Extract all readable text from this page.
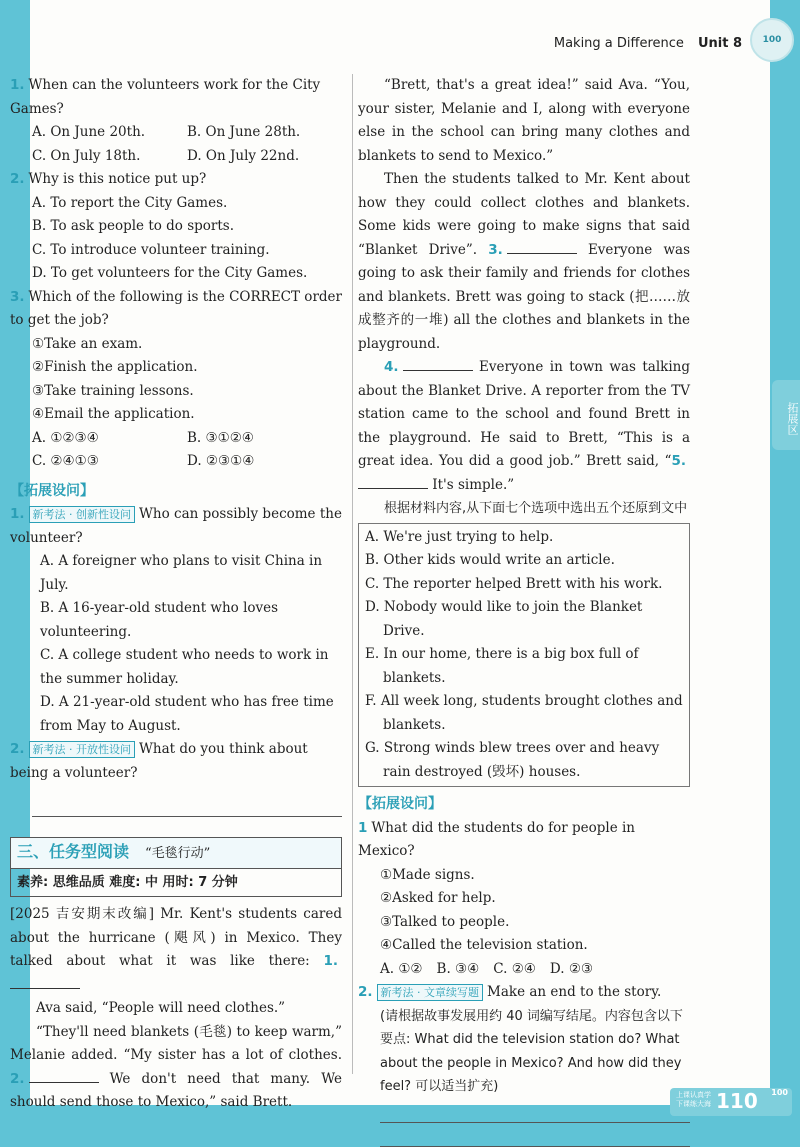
Making a Difference Unit 8	100
拓展区

1. When can the volunteers work for the City Games?

A. On June 20th.	B. On June 28th.
C. On July 18th.	D. On July 22nd.

2. Why is this notice put up?

A. To report the City Games.
B. To ask people to do sports.
C. To introduce volunteer training.
D. To get volunteers for the City Games.

3. Which of the following is the CORRECT order to get the job?

①Take an exam.
②Finish the application.
③Take training lessons.
④Email the application.
A. ①②③④	B. ③①②④
C. ②④①③	D. ②③①④
【拓展设问】

1. 新考法 · 创新性设问 Who can possibly become the volunteer?

A. A foreigner who plans to visit China in July.
B. A 16-year-old student who loves volunteering.
C. A college student who needs to work in the summer holiday.
D. A 21-year-old student who has free time from May to August.

2. 新考法 · 开放性设问 What do you think about being a volunteer?

三、任务型阅读 “毛毯行动”
素养: 思维品质 难度: 中 用时: 7 分钟

[2025 吉安期末改编] Mr. Kent's students cared about the hurricane (飓风) in Mexico. They talked about what it was like there: 1.

Ava said, “People will need clothes.”

“They'll need blankets (毛毯) to keep warm,” Melanie added. “My sister has a lot of clothes. 2.	We don't need that many. We should send those to Mexico,” said Brett.

“Brett, that's a great idea!” said Ava. “You, your sister, Melanie and I, along with everyone else in the school can bring many clothes and blankets to send to Mexico.”

Then the students talked to Mr. Kent about how they could collect clothes and blankets. Some kids were going to make signs that said “Blanket Drive”. 3.	Everyone was going to ask their family and friends for clothes and blankets. Brett was going to stack (把……放成整齐的一堆) all the clothes and blankets in the playground.

4.	Everyone in town was talking about the Blanket Drive. A reporter from the TV station came to the school and found Brett in the playground. He said to Brett, “This is a great idea. You did a good job.” Brett said, “5. It's simple.”

根据材料内容,从下面七个选项中选出五个还原到文中

A. We're just trying to help.

B. Other kids would write an article.

C. The reporter helped Brett with his work.

D. Nobody would like to join the Blanket Drive.

E. In our home, there is a big box full of blankets.

F. All week long, students brought clothes and blankets.

G. Strong winds blew trees over and heavy rain destroyed (毁坏) houses.

【拓展设问】

1 What did the students do for people in Mexico?

①Made signs.
②Asked for help.
③Talked to people.
④Called the television station.
A. ①② B. ③④ C. ②④ D. ②③

2. 新考法 · 文章续写题 Make an end to the story.

(请根据故事发展用约 40 词编写结尾。内容包含以下要点: What did the television station do? What about the people in Mexico? And how did they feel? 可以适当扩充)
上课认真学
下课练大海 110 100
